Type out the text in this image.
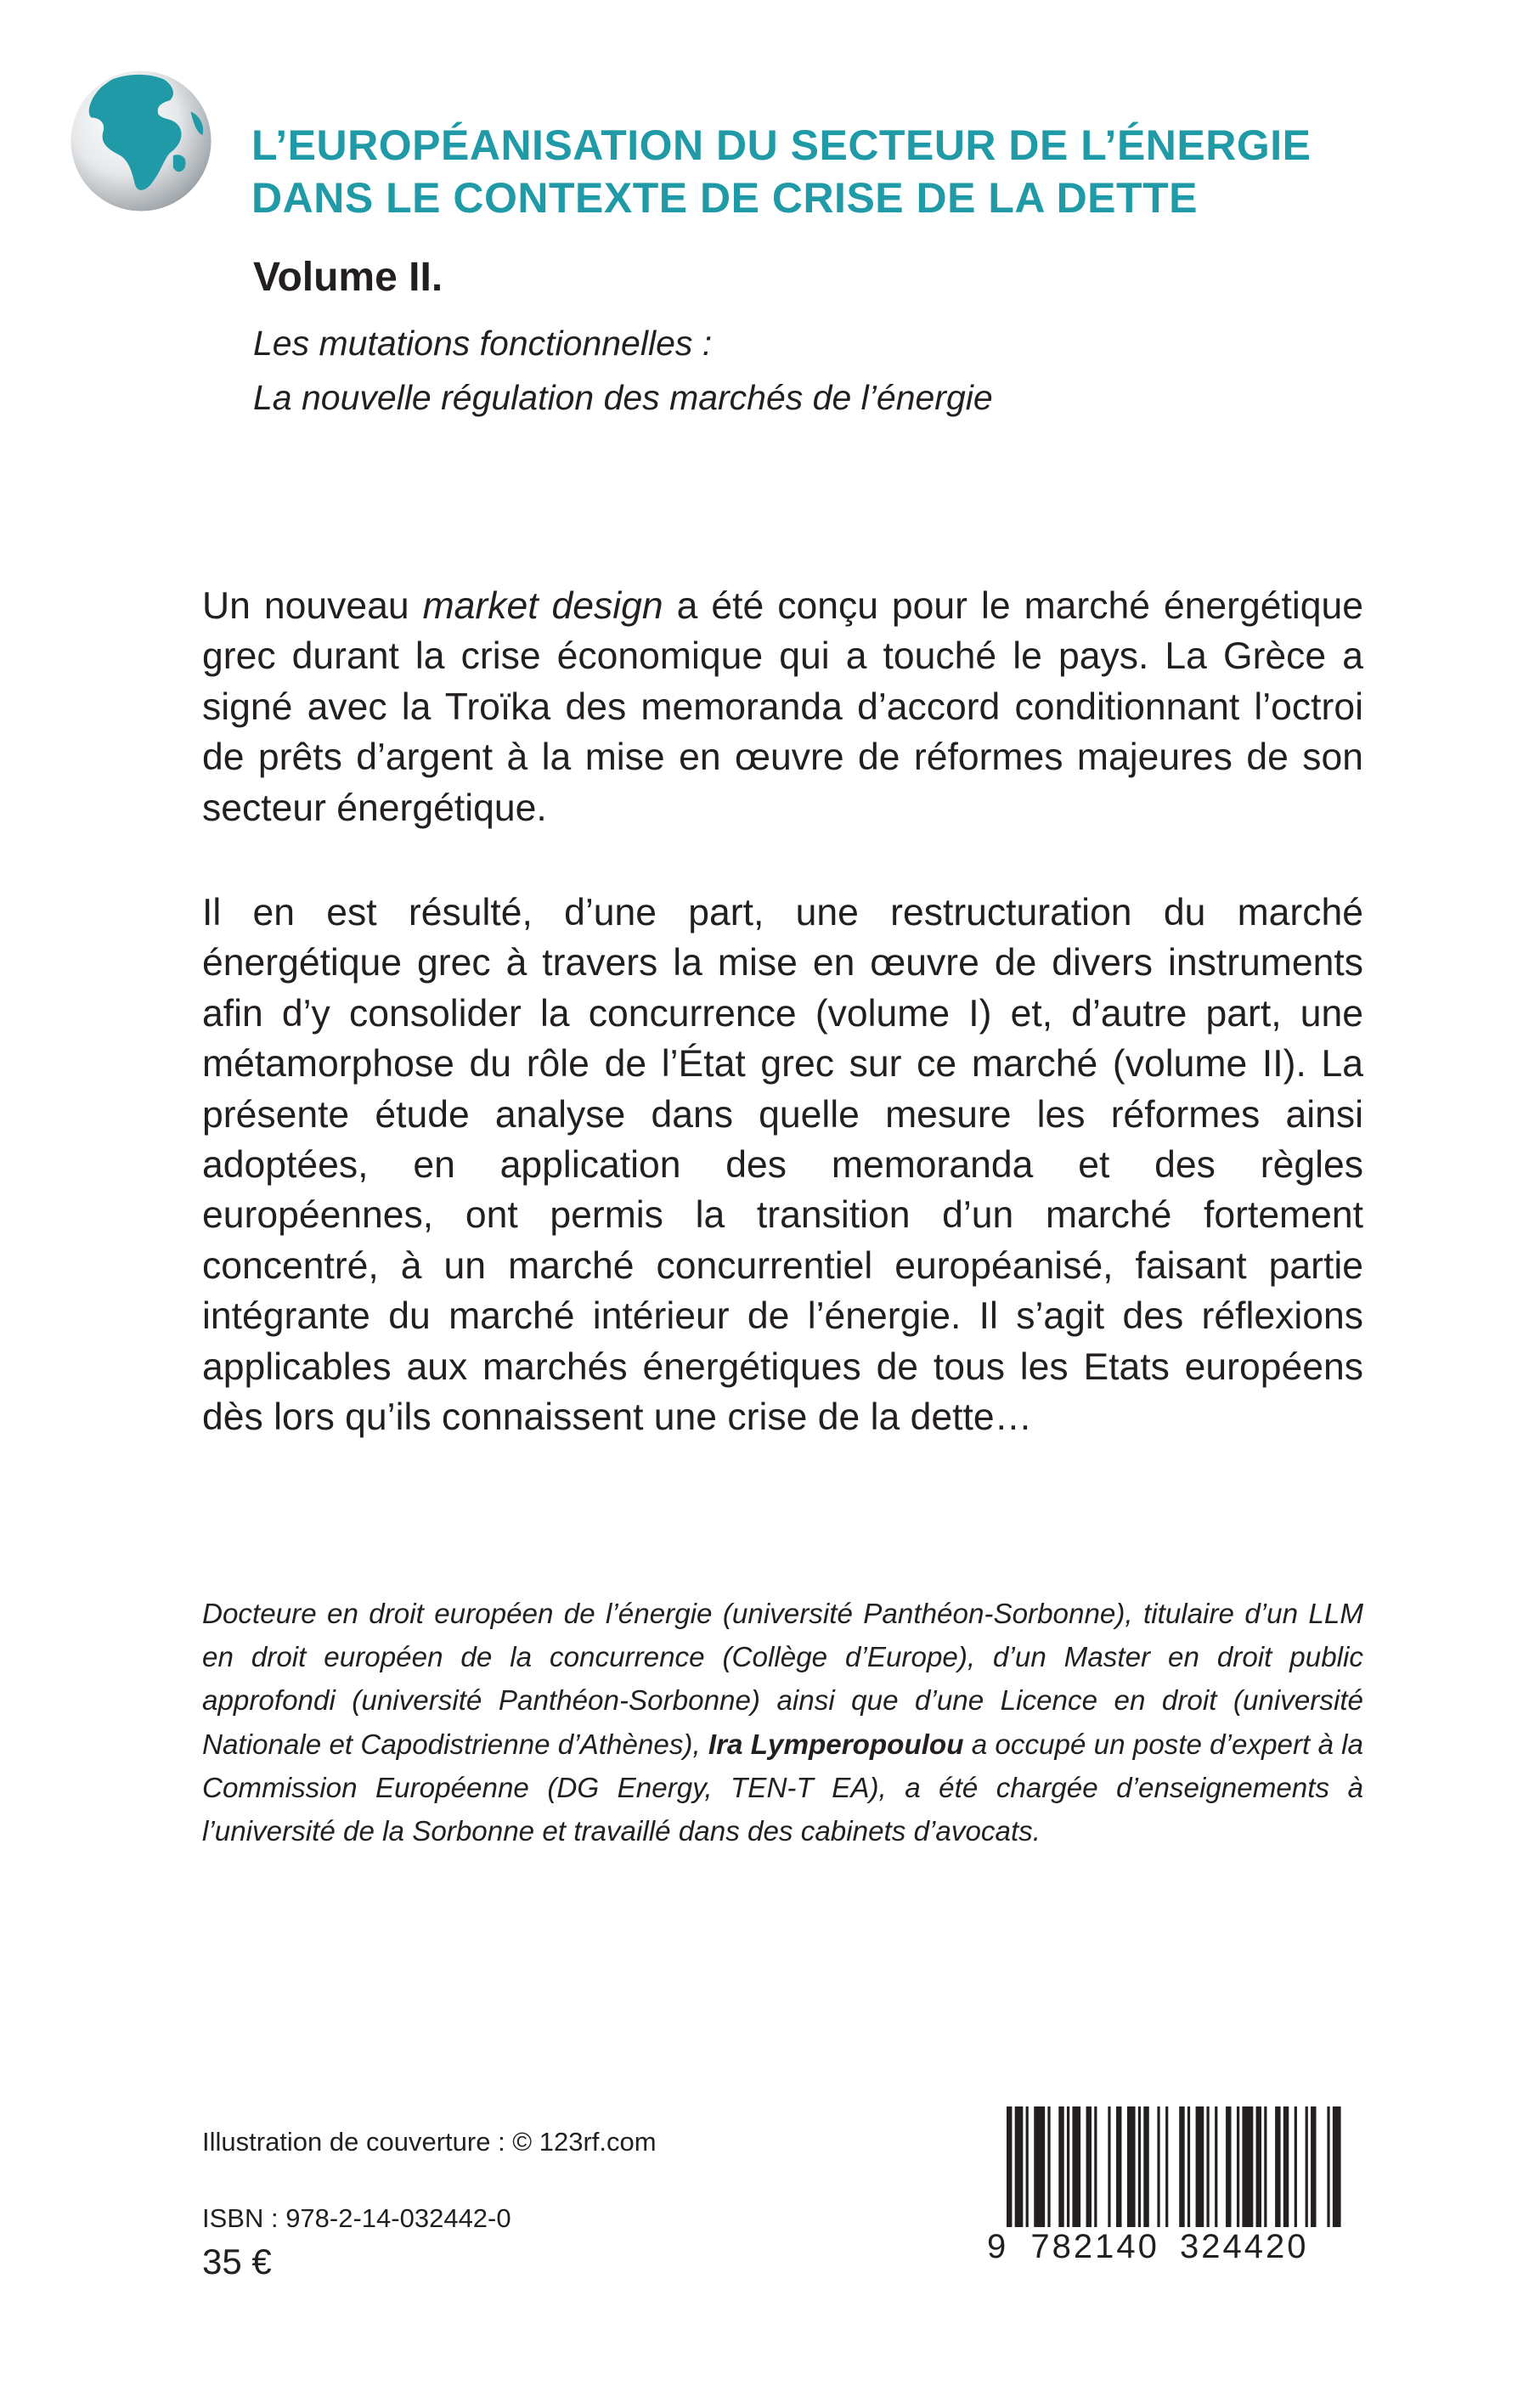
L’EUROPÉANISATION DU SECTEUR DE L’ÉNERGIE
DANS LE CONTEXTE DE CRISE DE LA DETTE
Volume II.
Les mutations fonctionnelles :
La nouvelle régulation des marchés de l’énergie
Un nouveau market design a été conçu pour le marché énergétique grec durant la crise économique qui a touché le pays. La Grèce a signé avec la Troïka des memoranda d’accord conditionnant l’octroi de prêts d’argent à la mise en œuvre de réformes majeures de son secteur énergétique.
Il en est résulté, d’une part, une restructuration du marché énergétique grec à travers la mise en œuvre de divers instruments afin d’y consolider la concurrence (volume I) et, d’autre part, une métamorphose du rôle de l’État grec sur ce marché (volume II). La présente étude analyse dans quelle mesure les réformes ainsi adoptées, en application des memoranda et des règles européennes, ont permis la transition d’un marché fortement concentré, à un marché concurrentiel européanisé, faisant partie intégrante du marché intérieur de l’énergie. Il s’agit des réflexions applicables aux marchés énergétiques de tous les Etats européens dès lors qu’ils connaissent une crise de la dette…
Docteure en droit européen de l’énergie (université Panthéon-Sorbonne), titulaire d’un LLM en droit européen de la concurrence (Collège d’Europe), d’un Master en droit public approfondi (université Panthéon-Sorbonne) ainsi que d’une Licence en droit (université Nationale et Capodistrienne d’Athènes), Ira Lymperopoulou a occupé un poste d’expert à la Commission Européenne (DG Energy, TEN-T EA), a été chargée d’enseignements à l’université de la Sorbonne et travaillé dans des cabinets d’avocats.
Illustration de couverture : © 123rf.com
ISBN : 978-2-14-032442-0
35 €	9 782140 324420
